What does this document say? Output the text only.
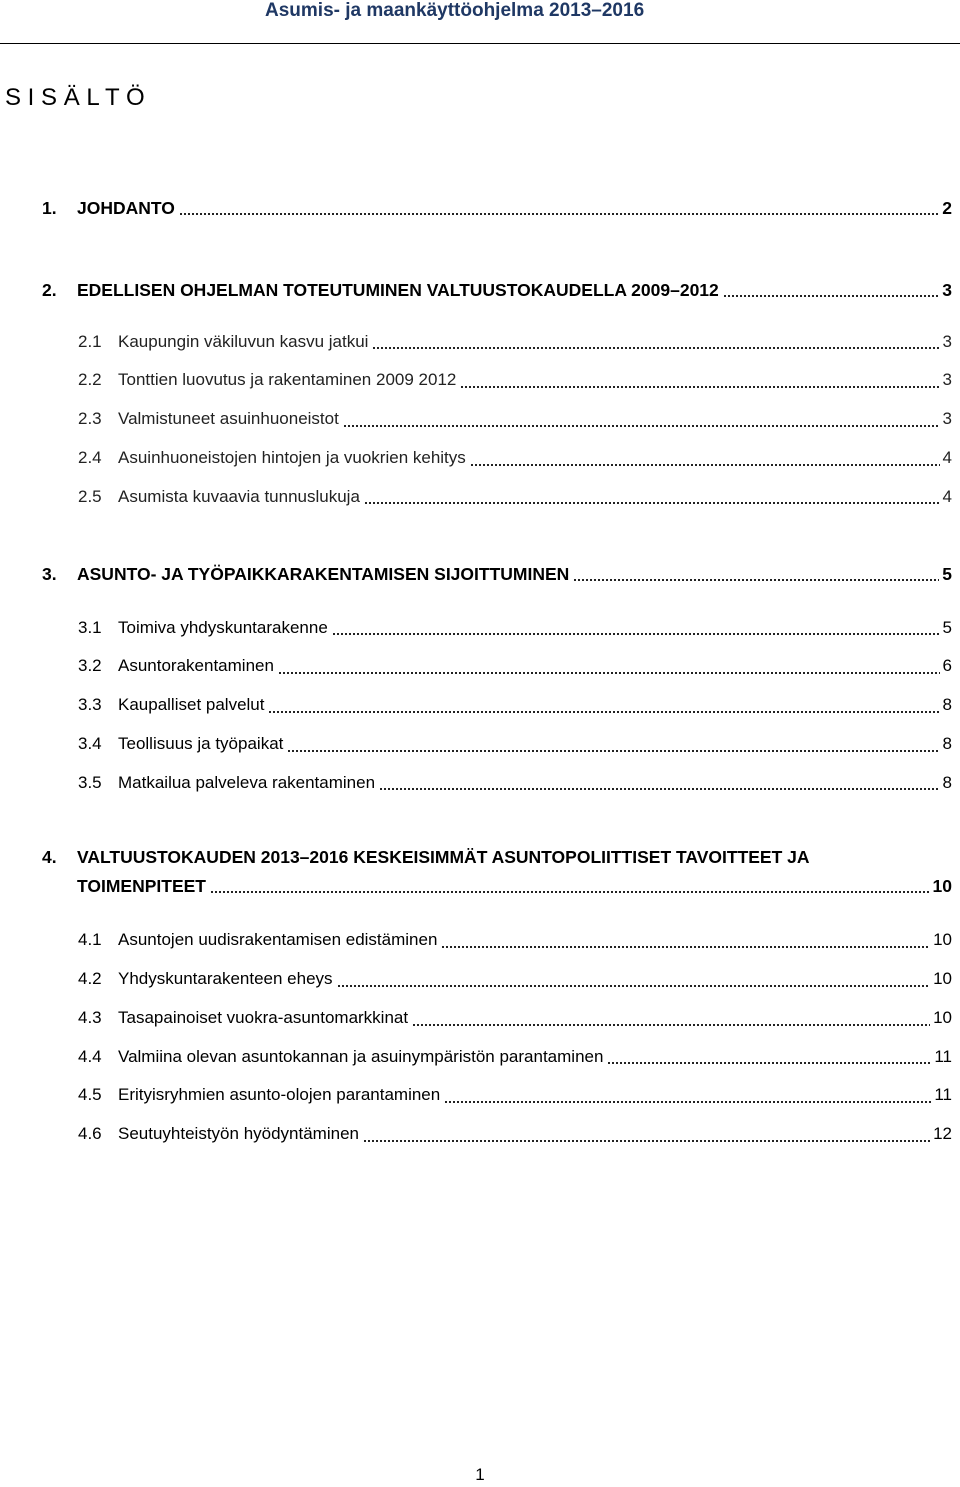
Asumis- ja maankäyttöohjelma 2013–2016
S I S Ä L T Ö
1.	JOHDANTO	2
2.	EDELLISEN OHJELMAN TOTEUTUMINEN VALTUUSTOKAUDELLA 2009–2012	3
2.1 Kaupungin väkiluvun kasvu jatkui	3
2.2 Tonttien luovutus ja rakentaminen 2009 2012	3
2.3 Valmistuneet asuinhuoneistot	3
2.4 Asuinhuoneistojen hintojen ja vuokrien kehitys	4
2.5 Asumista kuvaavia tunnuslukuja	4
3.	ASUNTO- JA TYÖPAIKKARAKENTAMISEN SIJOITTUMINEN	5
3.1 Toimiva yhdyskuntarakenne	5
3.2 Asuntorakentaminen	6
3.3 Kaupalliset palvelut	8
3.4 Teollisuus ja työpaikat	8
3.5 Matkailua palveleva rakentaminen	8
4.	VALTUUSTOKAUDEN 2013–2016 KESKEISIMMÄT ASUNTOPOLIITTISET TAVOITTEET JA
TOIMENPITEET	10
4.1 Asuntojen uudisrakentamisen edistäminen	10
4.2 Yhdyskuntarakenteen eheys	10
4.3 Tasapainoiset vuokra-asuntomarkkinat	10
4.4 Valmiina olevan asuntokannan ja asuinympäristön parantaminen	11
4.5 Erityisryhmien asunto-olojen parantaminen	11
4.6 Seutuyhteistyön hyödyntäminen	12
1
